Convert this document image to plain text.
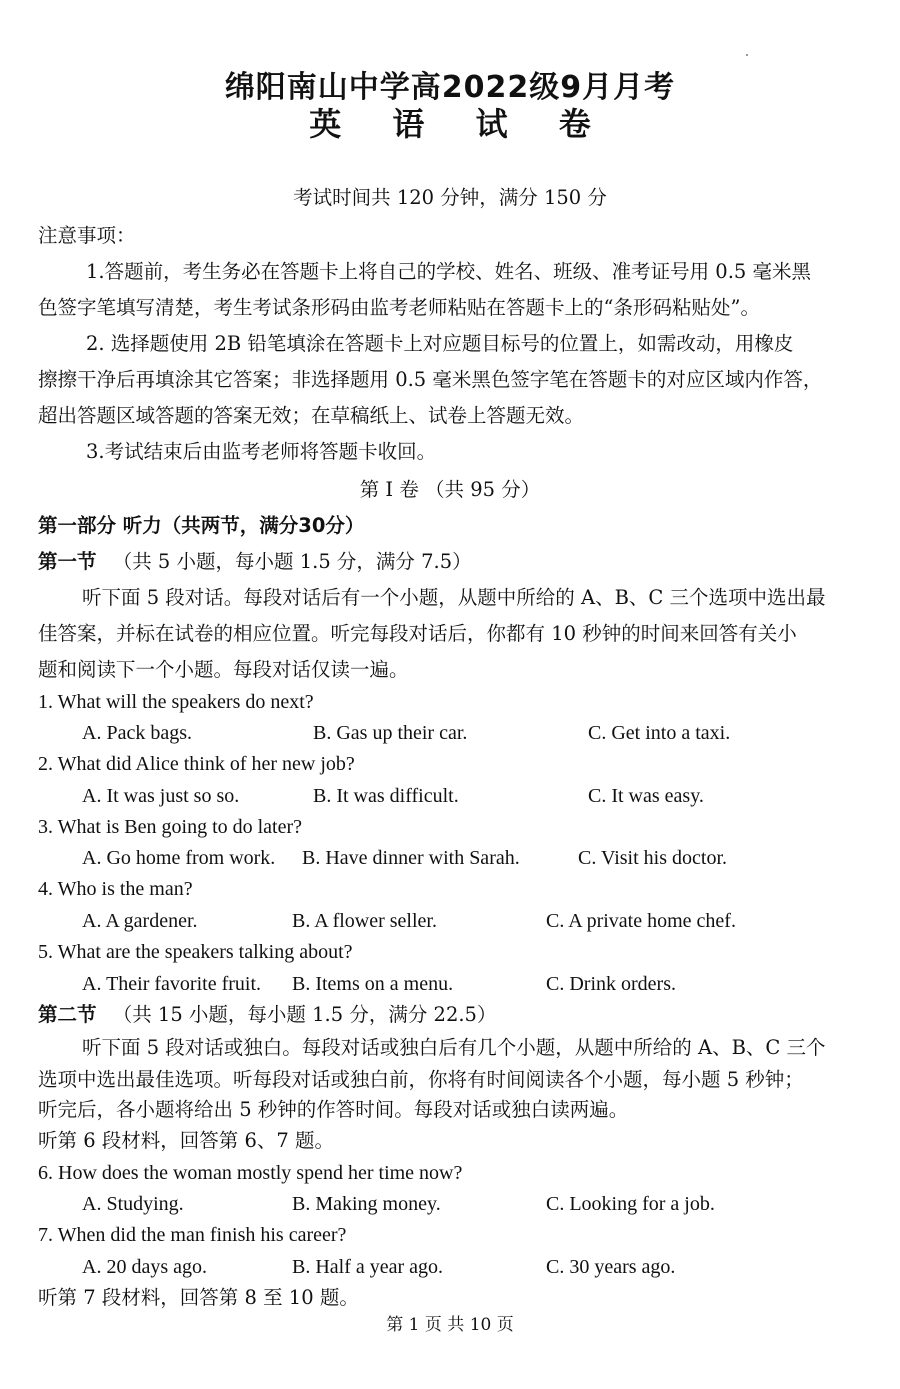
绵阳南山中学高2022级9月月考
英 语 试 卷
考试时间共 120 分钟，满分 150 分
注意事项：
1.答题前，考生务必在答题卡上将自己的学校、姓名、班级、准考证号用 0.5 毫米黑
色签字笔填写清楚，考生考试条形码由监考老师粘贴在答题卡上的“条形码粘贴处”。
2. 选择题使用 2B 铅笔填涂在答题卡上对应题目标号的位置上，如需改动，用橡皮
擦擦干净后再填涂其它答案；非选择题用 0.5 毫米黑色签字笔在答题卡的对应区域内作答，
超出答题区域答题的答案无效；在草稿纸上、试卷上答题无效。
3.考试结束后由监考老师将答题卡收回。
第 I 卷 （共 95 分）
第一部分 听力（共两节，满分30分）
第一节 （共 5 小题，每小题 1.5 分，满分 7.5）
听下面 5 段对话。每段对话后有一个小题，从题中所给的 A、B、C 三个选项中选出最
佳答案，并标在试卷的相应位置。听完每段对话后，你都有 10 秒钟的时间来回答有关小
题和阅读下一个小题。每段对话仅读一遍。
1. What will the speakers do next?
A. Pack bags.	B. Gas up their car.	C. Get into a taxi.
2. What did Alice think of her new job?
A. It was just so so.	B. It was difficult.	C. It was easy.
3. What is Ben going to do later?
A. Go home from work. B. Have dinner with Sarah.	C. Visit his doctor.
4. Who is the man?
A. A gardener.	B. A flower seller.	C. A private home chef.
5. What are the speakers talking about?
A. Their favorite fruit. B. Items on a menu.	C. Drink orders.
第二节 （共 15 小题，每小题 1.5 分，满分 22.5）
听下面 5 段对话或独白。每段对话或独白后有几个小题，从题中所给的 A、B、C 三个
选项中选出最佳选项。听每段对话或独白前，你将有时间阅读各个小题，每小题 5 秒钟；
听完后，各小题将给出 5 秒钟的作答时间。每段对话或独白读两遍。
听第 6 段材料，回答第 6、7 题。
6. How does the woman mostly spend her time now?
A. Studying.	B. Making money.	C. Looking for a job.
7. When did the man finish his career?
A. 20 days ago.	B. Half a year ago.	C. 30 years ago.
听第 7 段材料，回答第 8 至 10 题。
第 1 页 共 10 页
